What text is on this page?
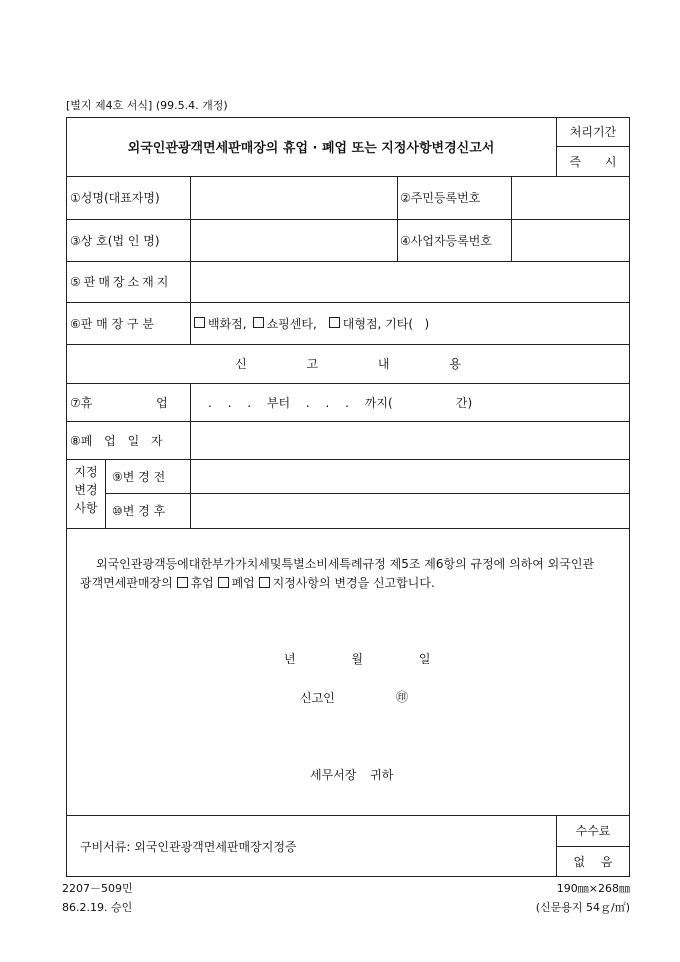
[별지 제4호 서식] (99.5.4. 개정)
외국인관광객면세판매장의 휴업 · 폐업 또는 지정사항변경신고서
처리기간
즉 시
①성명(대표자명)	②주민등록번호
③상 호(법 인 명)	④사업자등록번호
⑤판매장소재지
⑥판 매 장 구 분	백화점, 쇼핑센타, 대형점, 기타(   )
신 고 내 용
⑦휴 업	. . . 부터 . . . 까지(    간)
⑧폐 업 일 자
지정 변경 사항
⑨변 경 전
⑩변 경 후
외국인관광객등에대한부가가치세및특별소비세특례규정 제5조 제6항의 규정에 의하여 외국인관
광객면세판매장의 휴업 폐업 지정사항의 변경을 신고합니다.
년 월 일
신고인	㊞
세무서장 귀하
구비서류: 외국인관광객면세판매장지정증
수수료
없 음
2207－509민	190㎜×268㎜
86.2.19. 승인	(신문용지 54ｇ/㎡)
